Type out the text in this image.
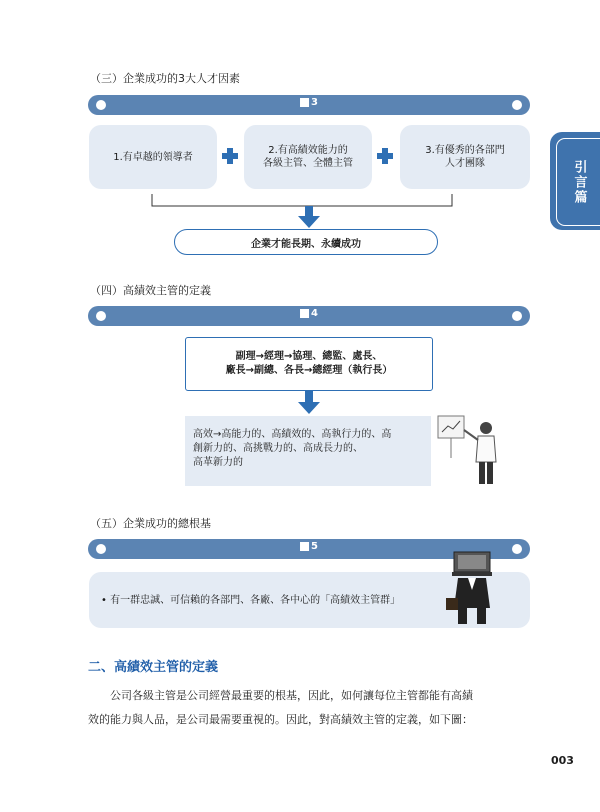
引言篇
（三）企業成功的3大人才因素
3
1.有卓越的領導者
2.有高績效能力的
各級主管、全體主管
3.有優秀的各部門
人才團隊
企業才能長期、永續成功
（四）高績效主管的定義
4
副理→經理→協理、總監、處長、
廠長→副總、各長→總經理（執行長）
高效→高能力的、高績效的、高執行力的、高
創新力的、高挑戰力的、高成長力的、
高革新力的
（五）企業成功的總根基
5
• 有一群忠誠、可信賴的各部門、各廠、各中心的「高績效主管群」
二、高績效主管的定義
公司各級主管是公司經營最重要的根基，因此，如何讓每位主管都能有高績
效的能力與人品，是公司最需要重視的。因此，對高績效主管的定義，如下圖：
003
